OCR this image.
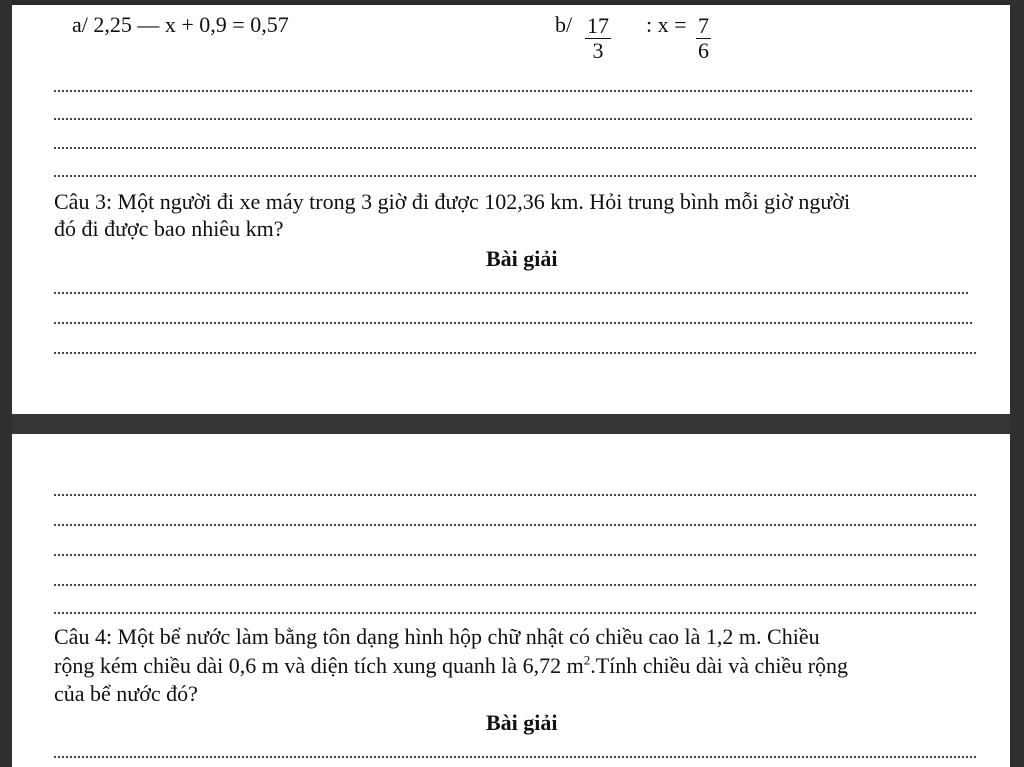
a/ 2,25 — x + 0,9 = 0,57	$b/ \frac{17}{3}$ : $x = \frac{7}{6}$
Câu 3: Một người đi xe máy trong 3 giờ đi được 102,36 km. Hỏi trung bình mỗi giờ người
đó đi được bao nhiêu km?
Bài giải
Câu 4: Một bể nước làm bằng tôn dạng hình hộp chữ nhật có chiều cao là 1,2 m. Chiều
rộng kém chiều dài 0,6 m và diện tích xung quanh là 6,72 $m^2.Tính$ chiều dài và chiều rộng
của bể nước đó?
Bài giải
